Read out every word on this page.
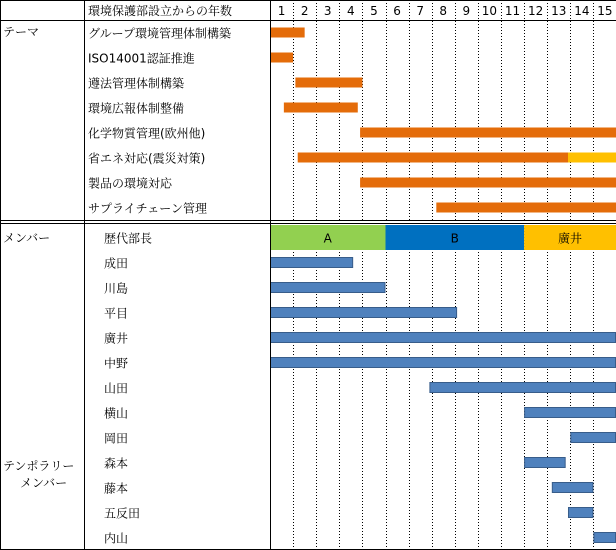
1 2 3 4 5 6 7 8 9 10 11 12 13 14 15
環境保護部設立からの年数
グループ環境管理体制構築
ISO14001認証推進
遵法管理体制構築
環境広報体制整備
化学物質管理(欧州他)
省エネ対応(震災対策)
製品の環境対応
サプライチェーン管理
A	B	廣井
歴代部長
成田
川島
平目
廣井
中野
山田
横山
岡田
森本
藤本
五反田
内山
テーマ
メンバー
テンポラリーメンバー
